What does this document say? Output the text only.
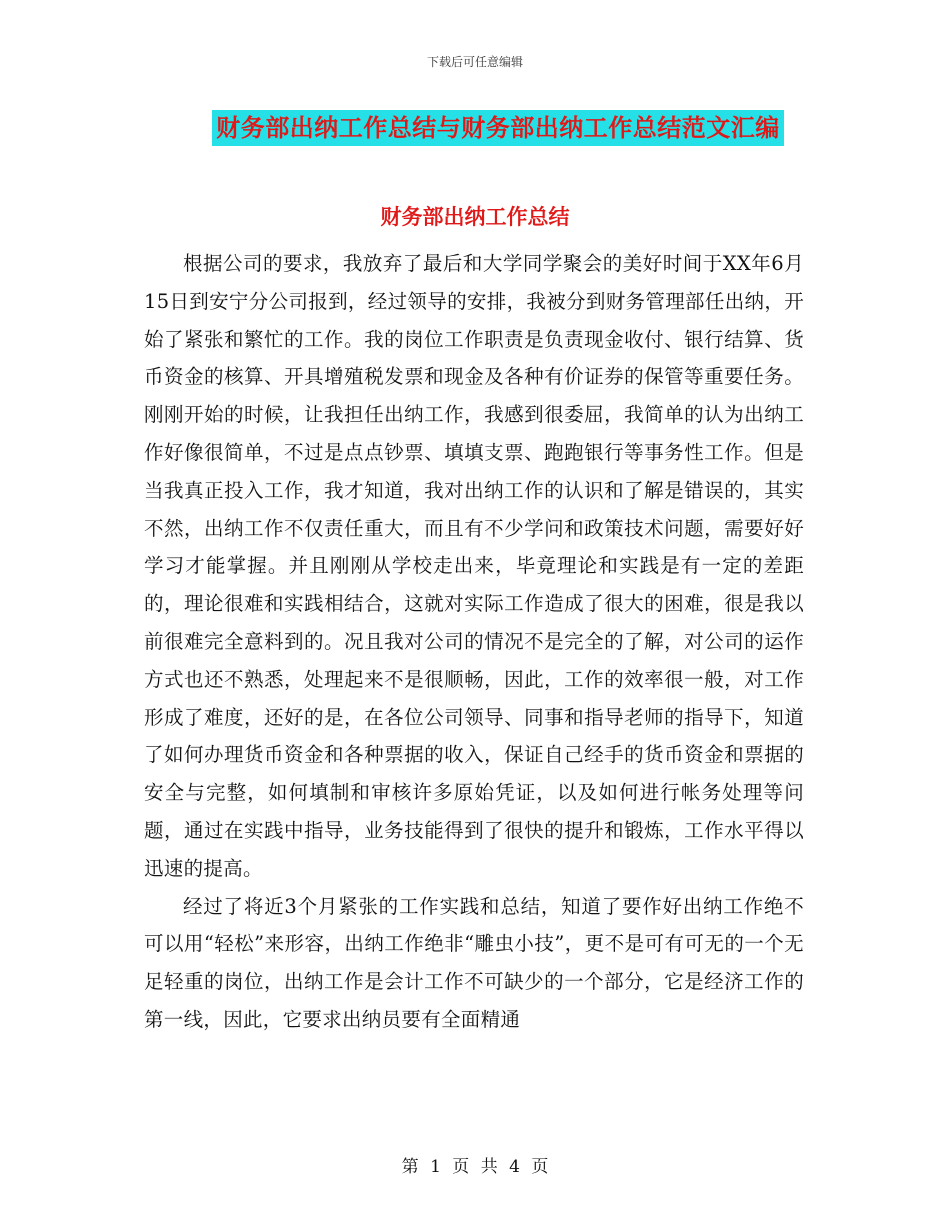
下载后可任意编辑
财务部出纳工作总结与财务部出纳工作总结范文汇编
财务部出纳工作总结

根据公司的要求，我放弃了最后和大学同学聚会的美好时间于XX年6月15日到安宁分公司报到，经过领导的安排，我被分到财务管理部任出纳，开始了紧张和繁忙的工作。我的岗位工作职责是负责现金收付、银行结算、货币资金的核算、开具增殖税发票和现金及各种有价证券的保管等重要任务。刚刚开始的时候，让我担任出纳工作，我感到很委屈，我简单的认为出纳工作好像很简单，不过是点点钞票、填填支票、跑跑银行等事务性工作。但是当我真正投入工作，我才知道，我对出纳工作的认识和了解是错误的，其实不然，出纳工作不仅责任重大，而且有不少学问和政策技术问题，需要好好学习才能掌握。并且刚刚从学校走出来，毕竟理论和实践是有一定的差距的，理论很难和实践相结合，这就对实际工作造成了很大的困难，很是我以前很难完全意料到的。况且我对公司的情况不是完全的了解，对公司的运作方式也还不熟悉，处理起来不是很顺畅，因此，工作的效率很一般，对工作形成了难度，还好的是，在各位公司领导、同事和指导老师的指导下，知道了如何办理货币资金和各种票据的收入，保证自己经手的货币资金和票据的安全与完整，如何填制和审核许多原始凭证，以及如何进行帐务处理等问题，通过在实践中指导，业务技能得到了很快的提升和锻炼，工作水平得以迅速的提高。

经过了将近3个月紧张的工作实践和总结，知道了要作好出纳工作绝不可以用“轻松”来形容，出纳工作绝非“雕虫小技”，更不是可有可无的一个无足轻重的岗位，出纳工作是会计工作不可缺少的一个部分，它是经济工作的第一线，因此，它要求出纳员要有全面精通

第 1 页 共 4 页
